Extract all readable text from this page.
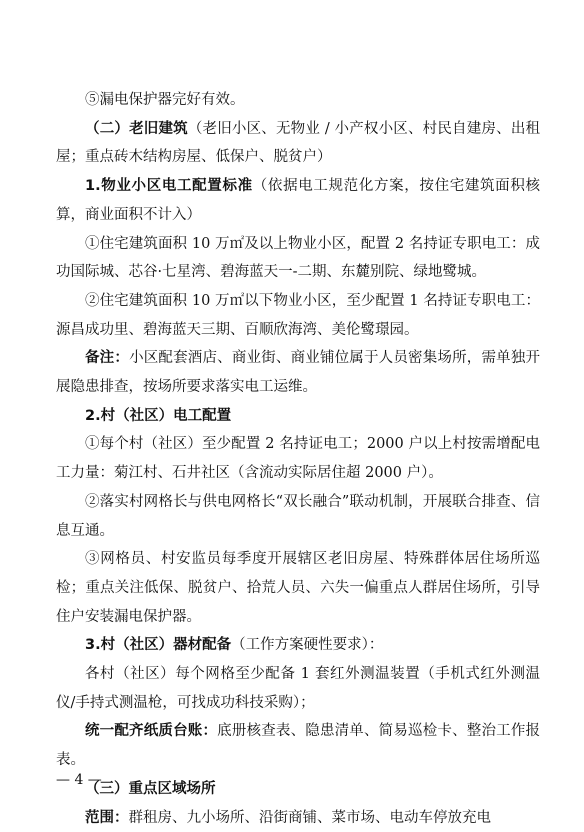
⑤漏电保护器完好有效。

（二）老旧建筑（老旧小区、无物业 / 小产权小区、村民自建房、出租屋；重点砖木结构房屋、低保户、脱贫户）

1.物业小区电工配置标准（依据电工规范化方案，按住宅建筑面积核算，商业面积不计入）

①住宅建筑面积 10 万㎡及以上物业小区，配置 2 名持证专职电工：成功国际城、芯谷·七星湾、碧海蓝天一-二期、东麓别院、绿地鹭城。

②住宅建筑面积 10 万㎡以下物业小区，至少配置 1 名持证专职电工：源昌成功里、碧海蓝天三期、百顺欣海湾、美伦鹭璟园。

备注：小区配套酒店、商业街、商业铺位属于人员密集场所，需单独开展隐患排查，按场所要求落实电工运维。

2.村（社区）电工配置

①每个村（社区）至少配置 2 名持证电工；2000 户以上村按需增配电工力量：菊江村、石井社区（含流动实际居住超 2000 户）。

②落实村网格长与供电网格长“双长融合”联动机制，开展联合排查、信息互通。

③网格员、村安监员每季度开展辖区老旧房屋、特殊群体居住场所巡检；重点关注低保、脱贫户、拾荒人员、六失一偏重点人群居住场所，引导住户安装漏电保护器。

3.村（社区）器材配备（工作方案硬性要求）：

各村（社区）每个网格至少配备 1 套红外测温装置（手机式红外测温仪/手持式测温枪，可找成功科技采购）；

统一配齐纸质台账：底册核查表、隐患清单、简易巡检卡、整治工作报表。

（三）重点区域场所

范围：群租房、九小场所、沿街商铺、菜市场、电动车停放充电

— 4 —
